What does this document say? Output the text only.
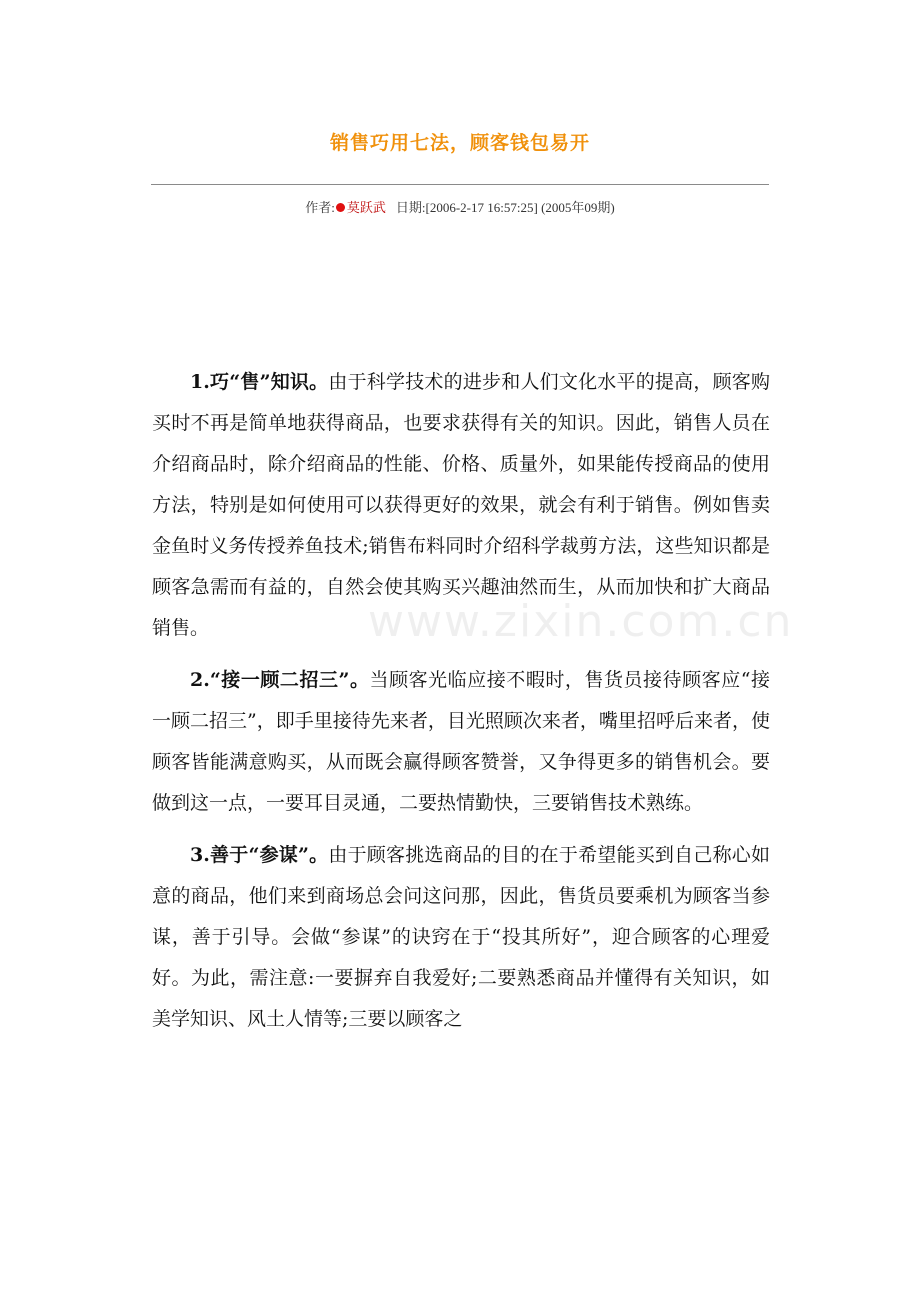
销售巧用七法，顾客钱包易开
作者: 莫跃武 日期:[2006-2-17 16:57:25] (2005年09期)

1.巧“售”知识。由于科学技术的进步和人们文化水平的提高，顾客购买时不再是简单地获得商品，也要求获得有关的知识。因此，销售人员在介绍商品时，除介绍商品的性能、价格、质量外，如果能传授商品的使用方法，特别是如何使用可以获得更好的效果，就会有利于销售。例如售卖金鱼时义务传授养鱼技术;销售布料同时介绍科学裁剪方法，这些知识都是顾客急需而有益的，自然会使其购买兴趣油然而生，从而加快和扩大商品销售。

2.“接一顾二招三”。当顾客光临应接不暇时，售货员接待顾客应“接一顾二招三”，即手里接待先来者，目光照顾次来者，嘴里招呼后来者，使顾客皆能满意购买，从而既会赢得顾客赞誉，又争得更多的销售机会。要做到这一点，一要耳目灵通，二要热情勤快，三要销售技术熟练。

3.善于“参谋”。由于顾客挑选商品的目的在于希望能买到自己称心如意的商品，他们来到商场总会问这问那，因此，售货员要乘机为顾客当参谋，善于引导。会做“参谋”的诀窍在于“投其所好”，迎合顾客的心理爱好。为此，需注意:一要摒弃自我爱好;二要熟悉商品并懂得有关知识，如美学知识、风土人情等;三要以顾客之

www.zixin.com.cn
